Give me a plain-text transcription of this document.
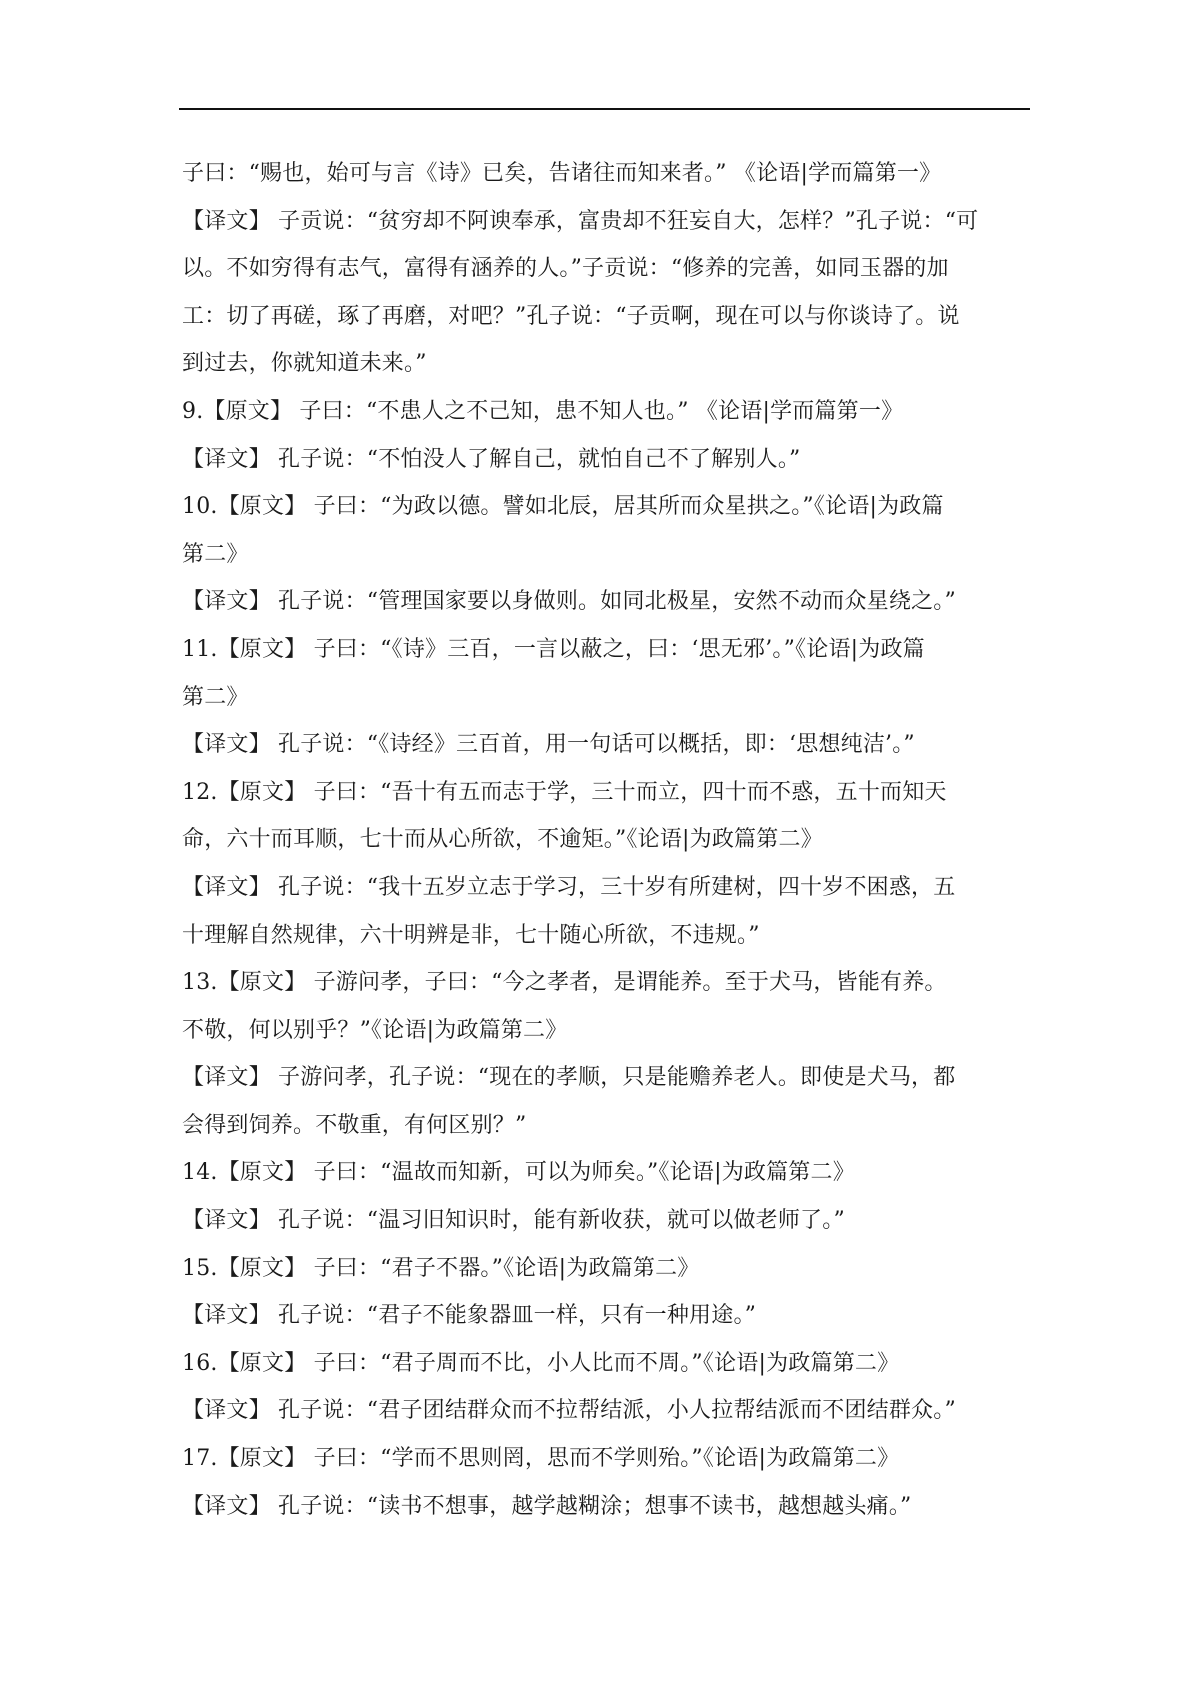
子曰：“赐也，始可与言《诗》已矣，告诸往而知来者。” 《论语|学而篇第一》
【译文】 子贡说：“贫穷却不阿谀奉承，富贵却不狂妄自大，怎样？”孔子说：“可
以。不如穷得有志气，富得有涵养的人。”子贡说：“修养的完善，如同玉器的加
工：切了再磋，琢了再磨，对吧？”孔子说：“子贡啊，现在可以与你谈诗了。说
到过去，你就知道未来。”
9.【原文】 子曰：“不患人之不己知，患不知人也。” 《论语|学而篇第一》
【译文】 孔子说：“不怕没人了解自己，就怕自己不了解别人。”
10.【原文】 子曰：“为政以德。譬如北辰，居其所而众星拱之。”《论语|为政篇
第二》
【译文】 孔子说：“管理国家要以身做则。如同北极星，安然不动而众星绕之。”
11.【原文】 子曰：“《诗》三百，一言以蔽之，曰：‘思无邪’。”《论语|为政篇
第二》
【译文】 孔子说：“《诗经》三百首，用一句话可以概括，即：‘思想纯洁’。”
12.【原文】 子曰：“吾十有五而志于学，三十而立，四十而不惑，五十而知天
命，六十而耳顺，七十而从心所欲，不逾矩。”《论语|为政篇第二》
【译文】 孔子说：“我十五岁立志于学习，三十岁有所建树，四十岁不困惑，五
十理解自然规律，六十明辨是非，七十随心所欲，不违规。”
13.【原文】 子游问孝，子曰：“今之孝者，是谓能养。至于犬马，皆能有养。
不敬，何以别乎？”《论语|为政篇第二》
【译文】 子游问孝，孔子说：“现在的孝顺，只是能赡养老人。即使是犬马，都
会得到饲养。不敬重，有何区别？”
14.【原文】 子曰：“温故而知新，可以为师矣。”《论语|为政篇第二》
【译文】 孔子说：“温习旧知识时，能有新收获，就可以做老师了。”
15.【原文】 子曰：“君子不器。”《论语|为政篇第二》
【译文】 孔子说：“君子不能象器皿一样，只有一种用途。”
16.【原文】 子曰：“君子周而不比，小人比而不周。”《论语|为政篇第二》
【译文】 孔子说：“君子团结群众而不拉帮结派，小人拉帮结派而不团结群众。”
17.【原文】 子曰：“学而不思则罔，思而不学则殆。”《论语|为政篇第二》
【译文】 孔子说：“读书不想事，越学越糊涂；想事不读书，越想越头痛。”
